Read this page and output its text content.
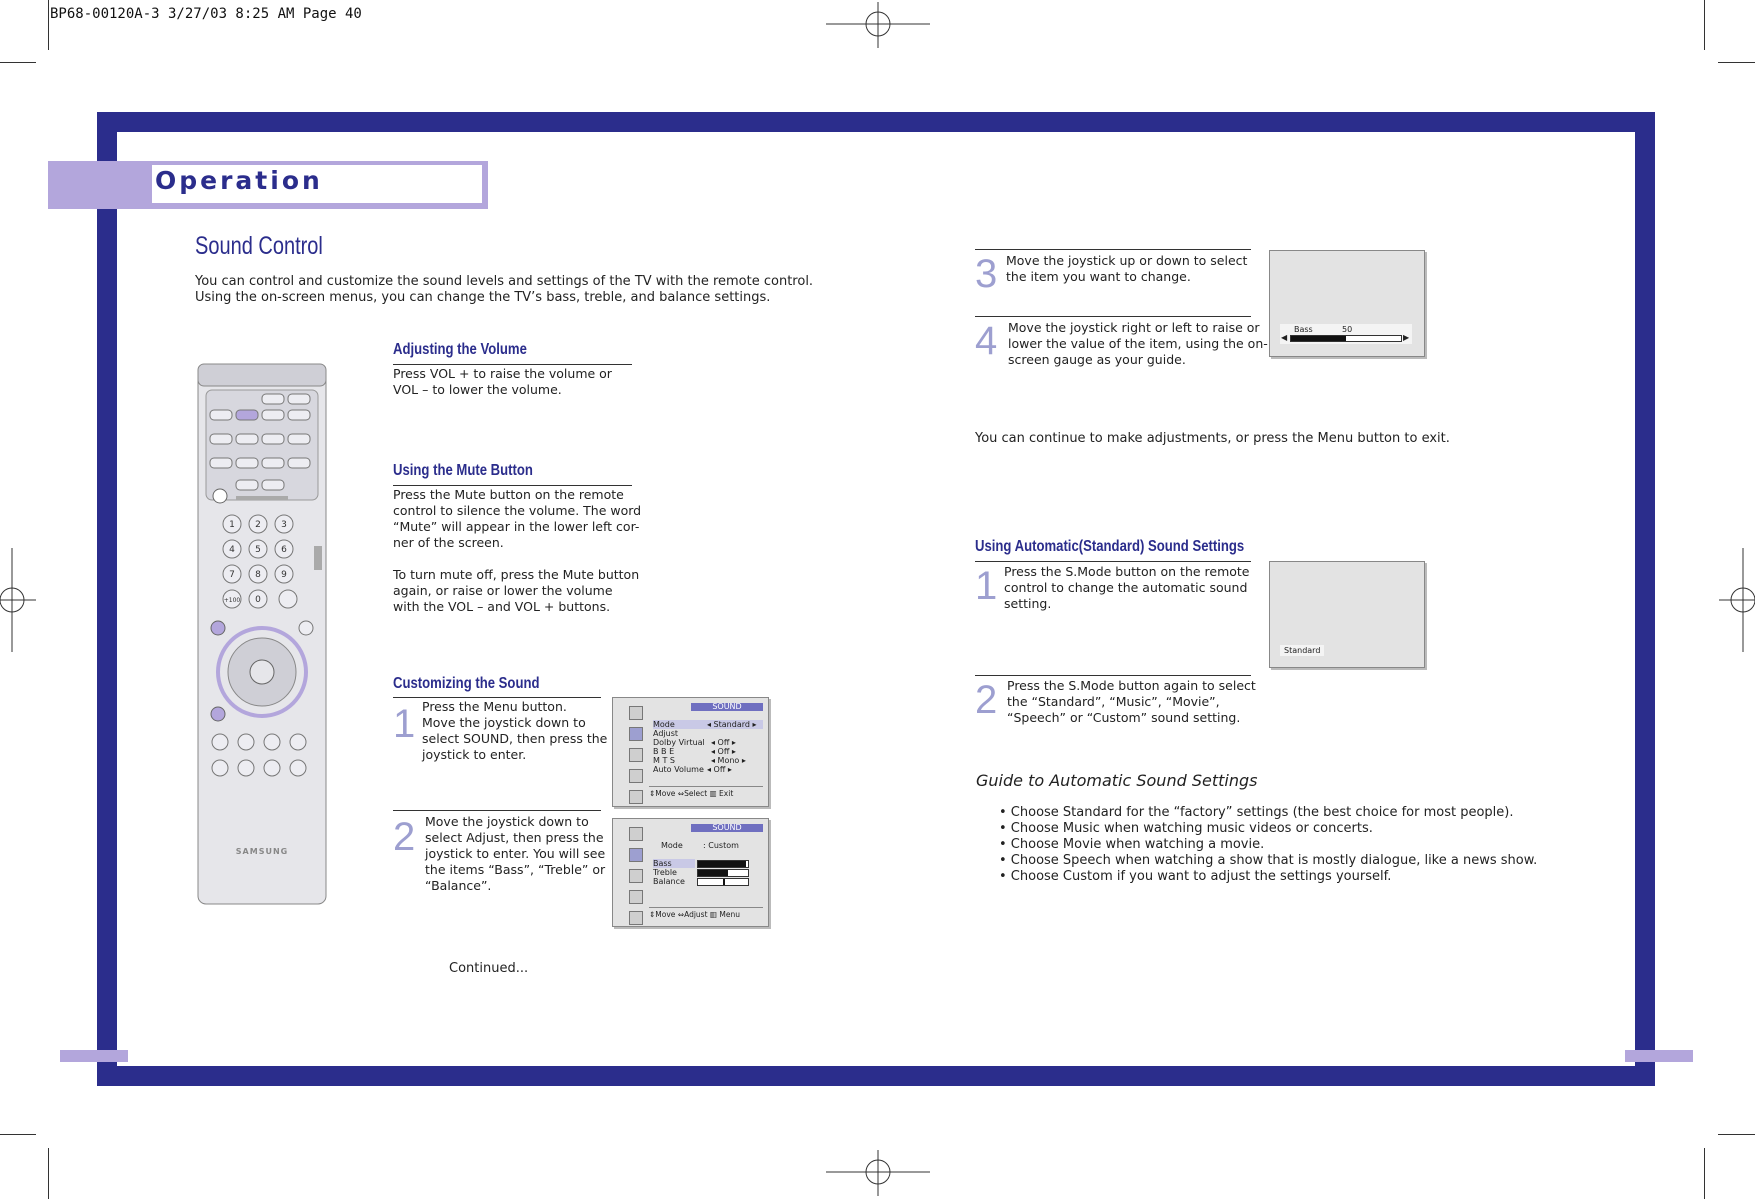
BP68-00120A-3 3/27/03 8:25 AM Page 40
Operation
Sound Control
You can control and customize the sound levels and settings of the TV with the remote control.
Using the on-screen menus, you can change the TV’s bass, treble, and balance settings.
Adjusting the Volume
Press VOL + to raise the volume or
VOL – to lower the volume.
Using the Mute Button
Press the Mute button on the remote
control to silence the volume. The word
“Mute” will appear in the lower left cor-
ner of the screen.
To turn mute off, press the Mute button
again, or raise or lower the volume
with the VOL – and VOL + buttons.
Customizing the Sound
1 Press the Menu button.
Move the joystick down to
select SOUND, then press the
joystick to enter.
2 Move the joystick down to
select Adjust, then press the
joystick to enter. You will see
the items “Bass”, “Treble” or
“Balance”.
SOUND
Mode	◂ Standard ▸
Adjust
Dolby Virtual ◂ Off ▸
B B E	◂ Off ▸
M T S	◂ Mono ▸
Auto Volume ◂ Off ▸
⇕Move ⇔Select ▥ Exit
SOUND
Mode	: Custom
Bass
Treble
Balance
⇕Move ⇔Adjust ▥ Menu
Continued...
1 2 3
4 5 6
7 8 9
+100 0
SAMSUNG
3 Move the joystick up or down to select
the item you want to change.
4 Move the joystick right or left to raise or
lower the value of the item, using the on-
screen gauge as your guide.
Bass	50
◀	▶
You can continue to make adjustments, or press the Menu button to exit.
Using Automatic(Standard) Sound Settings
1 Press the S.Mode button on the remote
control to change the automatic sound
setting.
2 Press the S.Mode button again to select
the “Standard”, “Music”, “Movie”,
“Speech” or “Custom” sound setting.
Standard
Guide to Automatic Sound Settings
• Choose Standard for the “factory” settings (the best choice for most people).
• Choose Music when watching music videos or concerts.
• Choose Movie when watching a movie.
• Choose Speech when watching a show that is mostly dialogue, like a news show.
• Choose Custom if you want to adjust the settings yourself.
40	41
